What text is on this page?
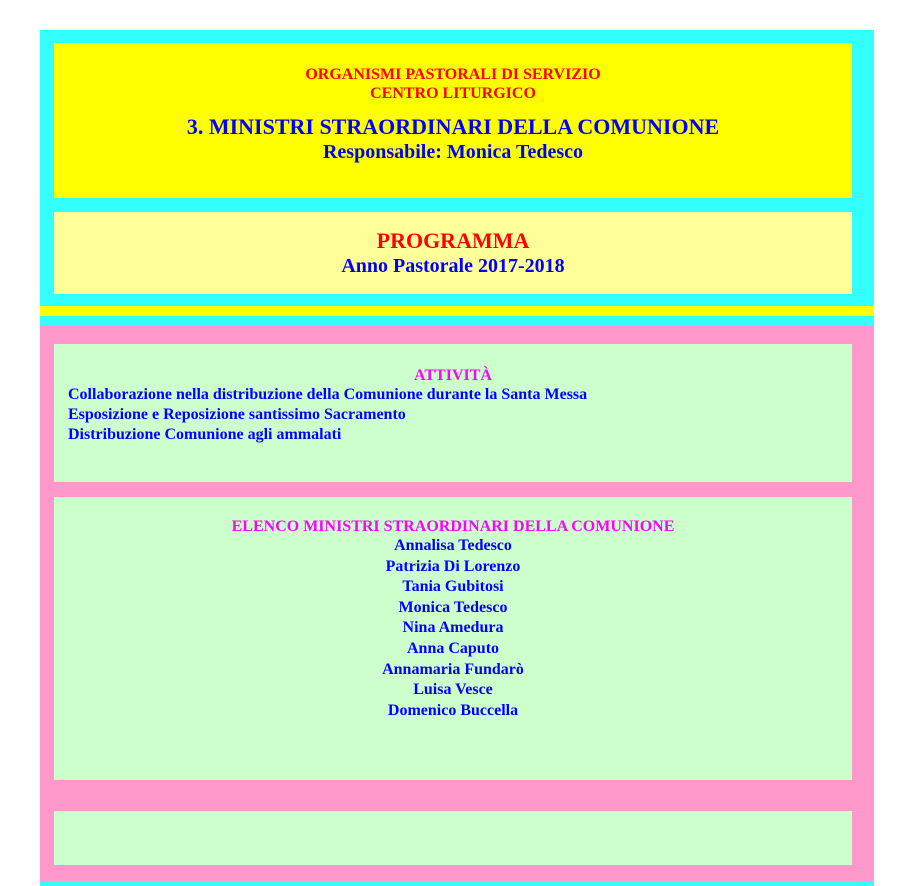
ORGANISMI PASTORALI DI SERVIZIO
CENTRO LITURGICO
3. MINISTRI STRAORDINARI DELLA COMUNIONE
Responsabile: Monica Tedesco
PROGRAMMA
Anno Pastorale 2017-2018
ATTIVITÀ
Collaborazione nella distribuzione della Comunione durante la Santa Messa
Esposizione e Reposizione santissimo Sacramento
Distribuzione Comunione agli ammalati
ELENCO MINISTRI STRAORDINARI DELLA COMUNIONE
Annalisa Tedesco
Patrizia Di Lorenzo
Tania Gubitosi
Monica Tedesco
Nina Amedura
Anna Caputo
Annamaria Fundarò
Luisa Vesce
Domenico Buccella
